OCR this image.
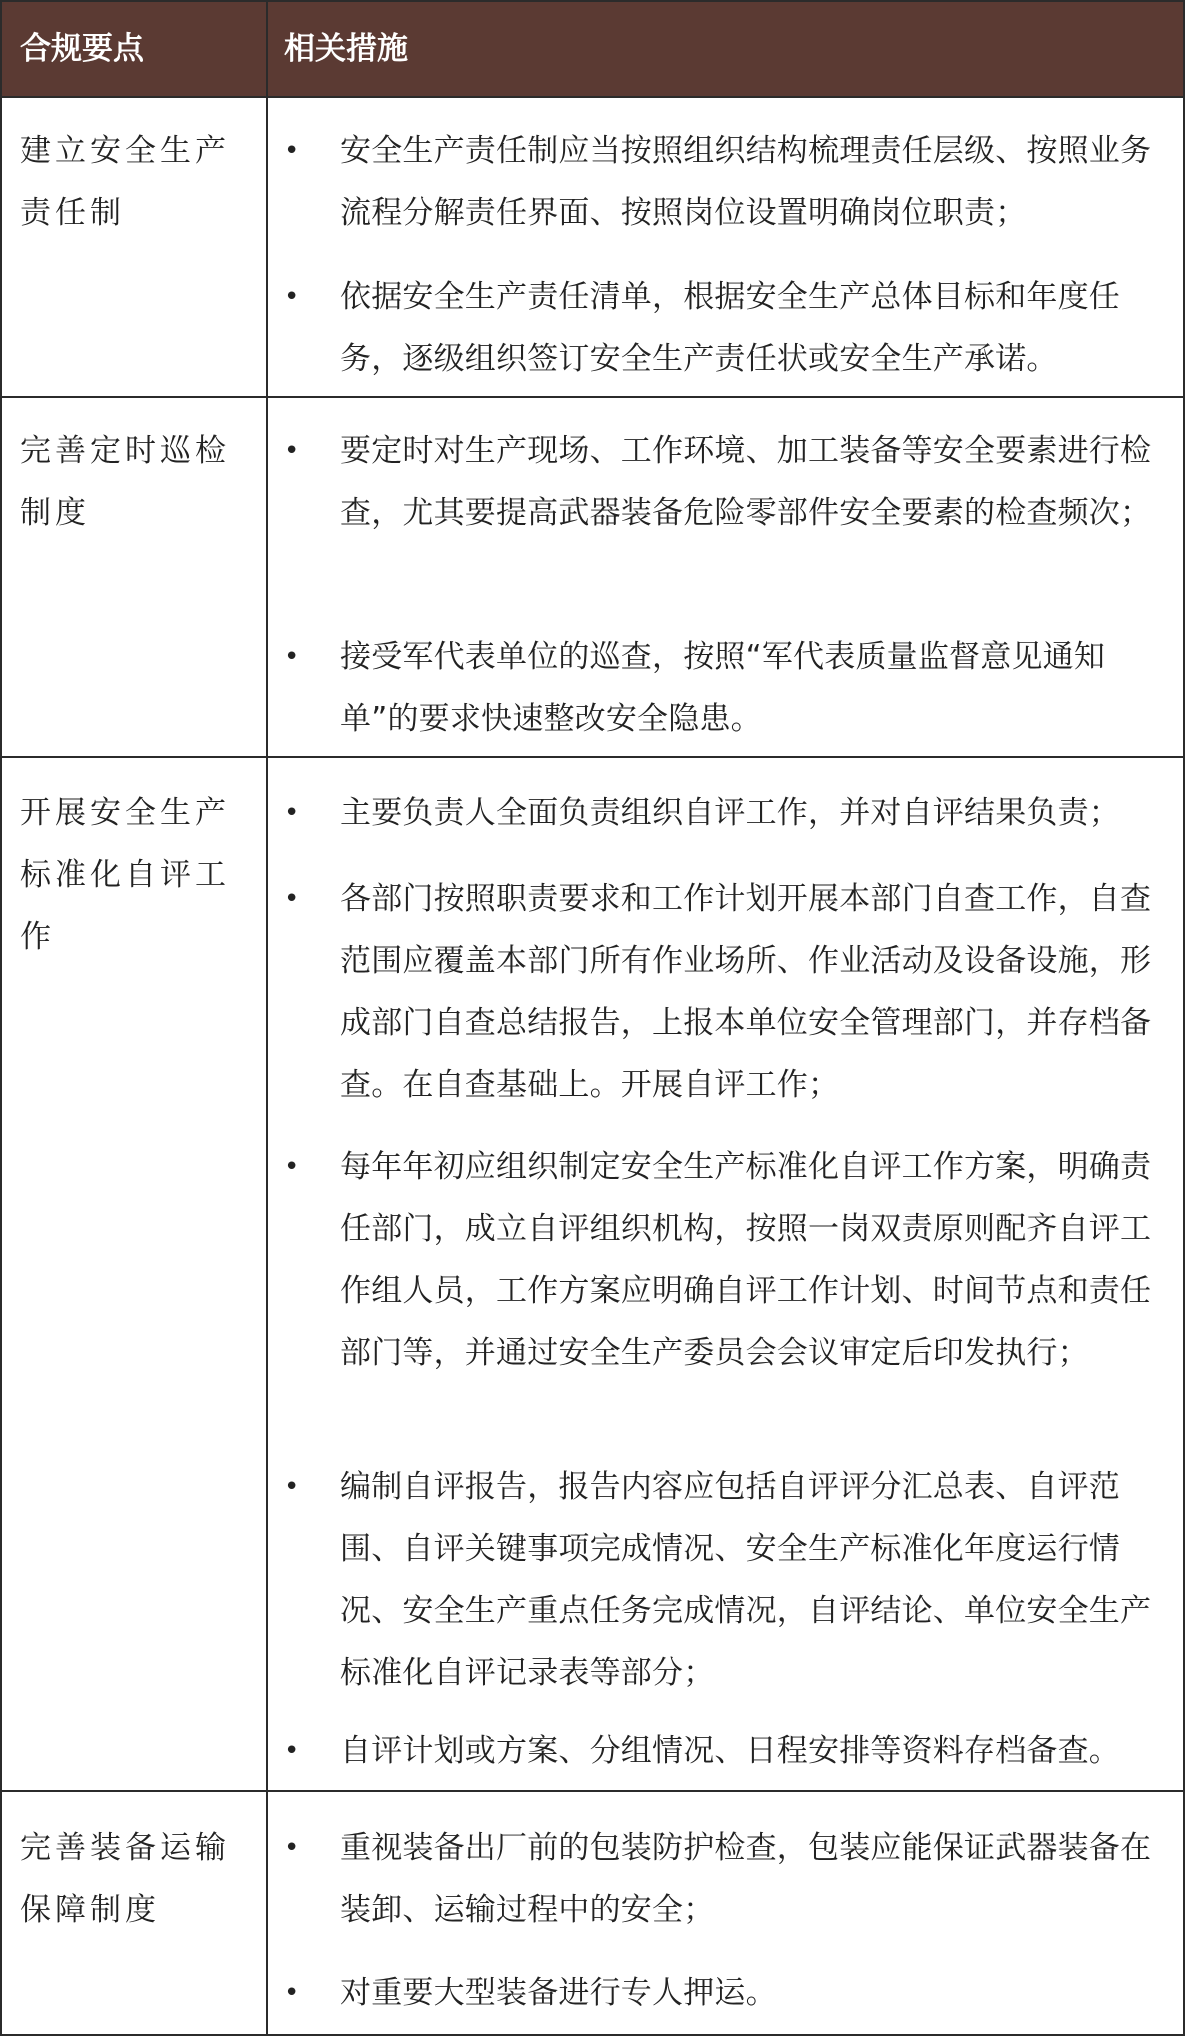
合规要点	相关措施
建立安全生产责任制
• 安全生产责任制应当按照组织结构梳理责任层级、按照业务流程分解责任界面、按照岗位设置明确岗位职责；
• 依据安全生产责任清单，根据安全生产总体目标和年度任务，逐级组织签订安全生产责任状或安全生产承诺。
完善定时巡检制度
• 要定时对生产现场、工作环境、加工装备等安全要素进行检查，尤其要提高武器装备危险零部件安全要素的检查频次；
• 接受军代表单位的巡查，按照“军代表质量监督意见通知单”的要求快速整改安全隐患。
开展安全生产标准化自评工作
• 主要负责人全面负责组织自评工作，并对自评结果负责；
• 各部门按照职责要求和工作计划开展本部门自查工作，自查范围应覆盖本部门所有作业场所、作业活动及设备设施，形成部门自查总结报告，上报本单位安全管理部门，并存档备查。在自查基础上。开展自评工作；
• 每年年初应组织制定安全生产标准化自评工作方案，明确责任部门，成立自评组织机构，按照一岗双责原则配齐自评工作组人员，工作方案应明确自评工作计划、时间节点和责任部门等，并通过安全生产委员会会议审定后印发执行；
• 编制自评报告，报告内容应包括自评评分汇总表、自评范围、自评关键事项完成情况、安全生产标准化年度运行情况、安全生产重点任务完成情况，自评结论、单位安全生产标准化自评记录表等部分；
• 自评计划或方案、分组情况、日程安排等资料存档备查。
完善装备运输保障制度
• 重视装备出厂前的包装防护检查，包装应能保证武器装备在装卸、运输过程中的安全；
• 对重要大型装备进行专人押运。
